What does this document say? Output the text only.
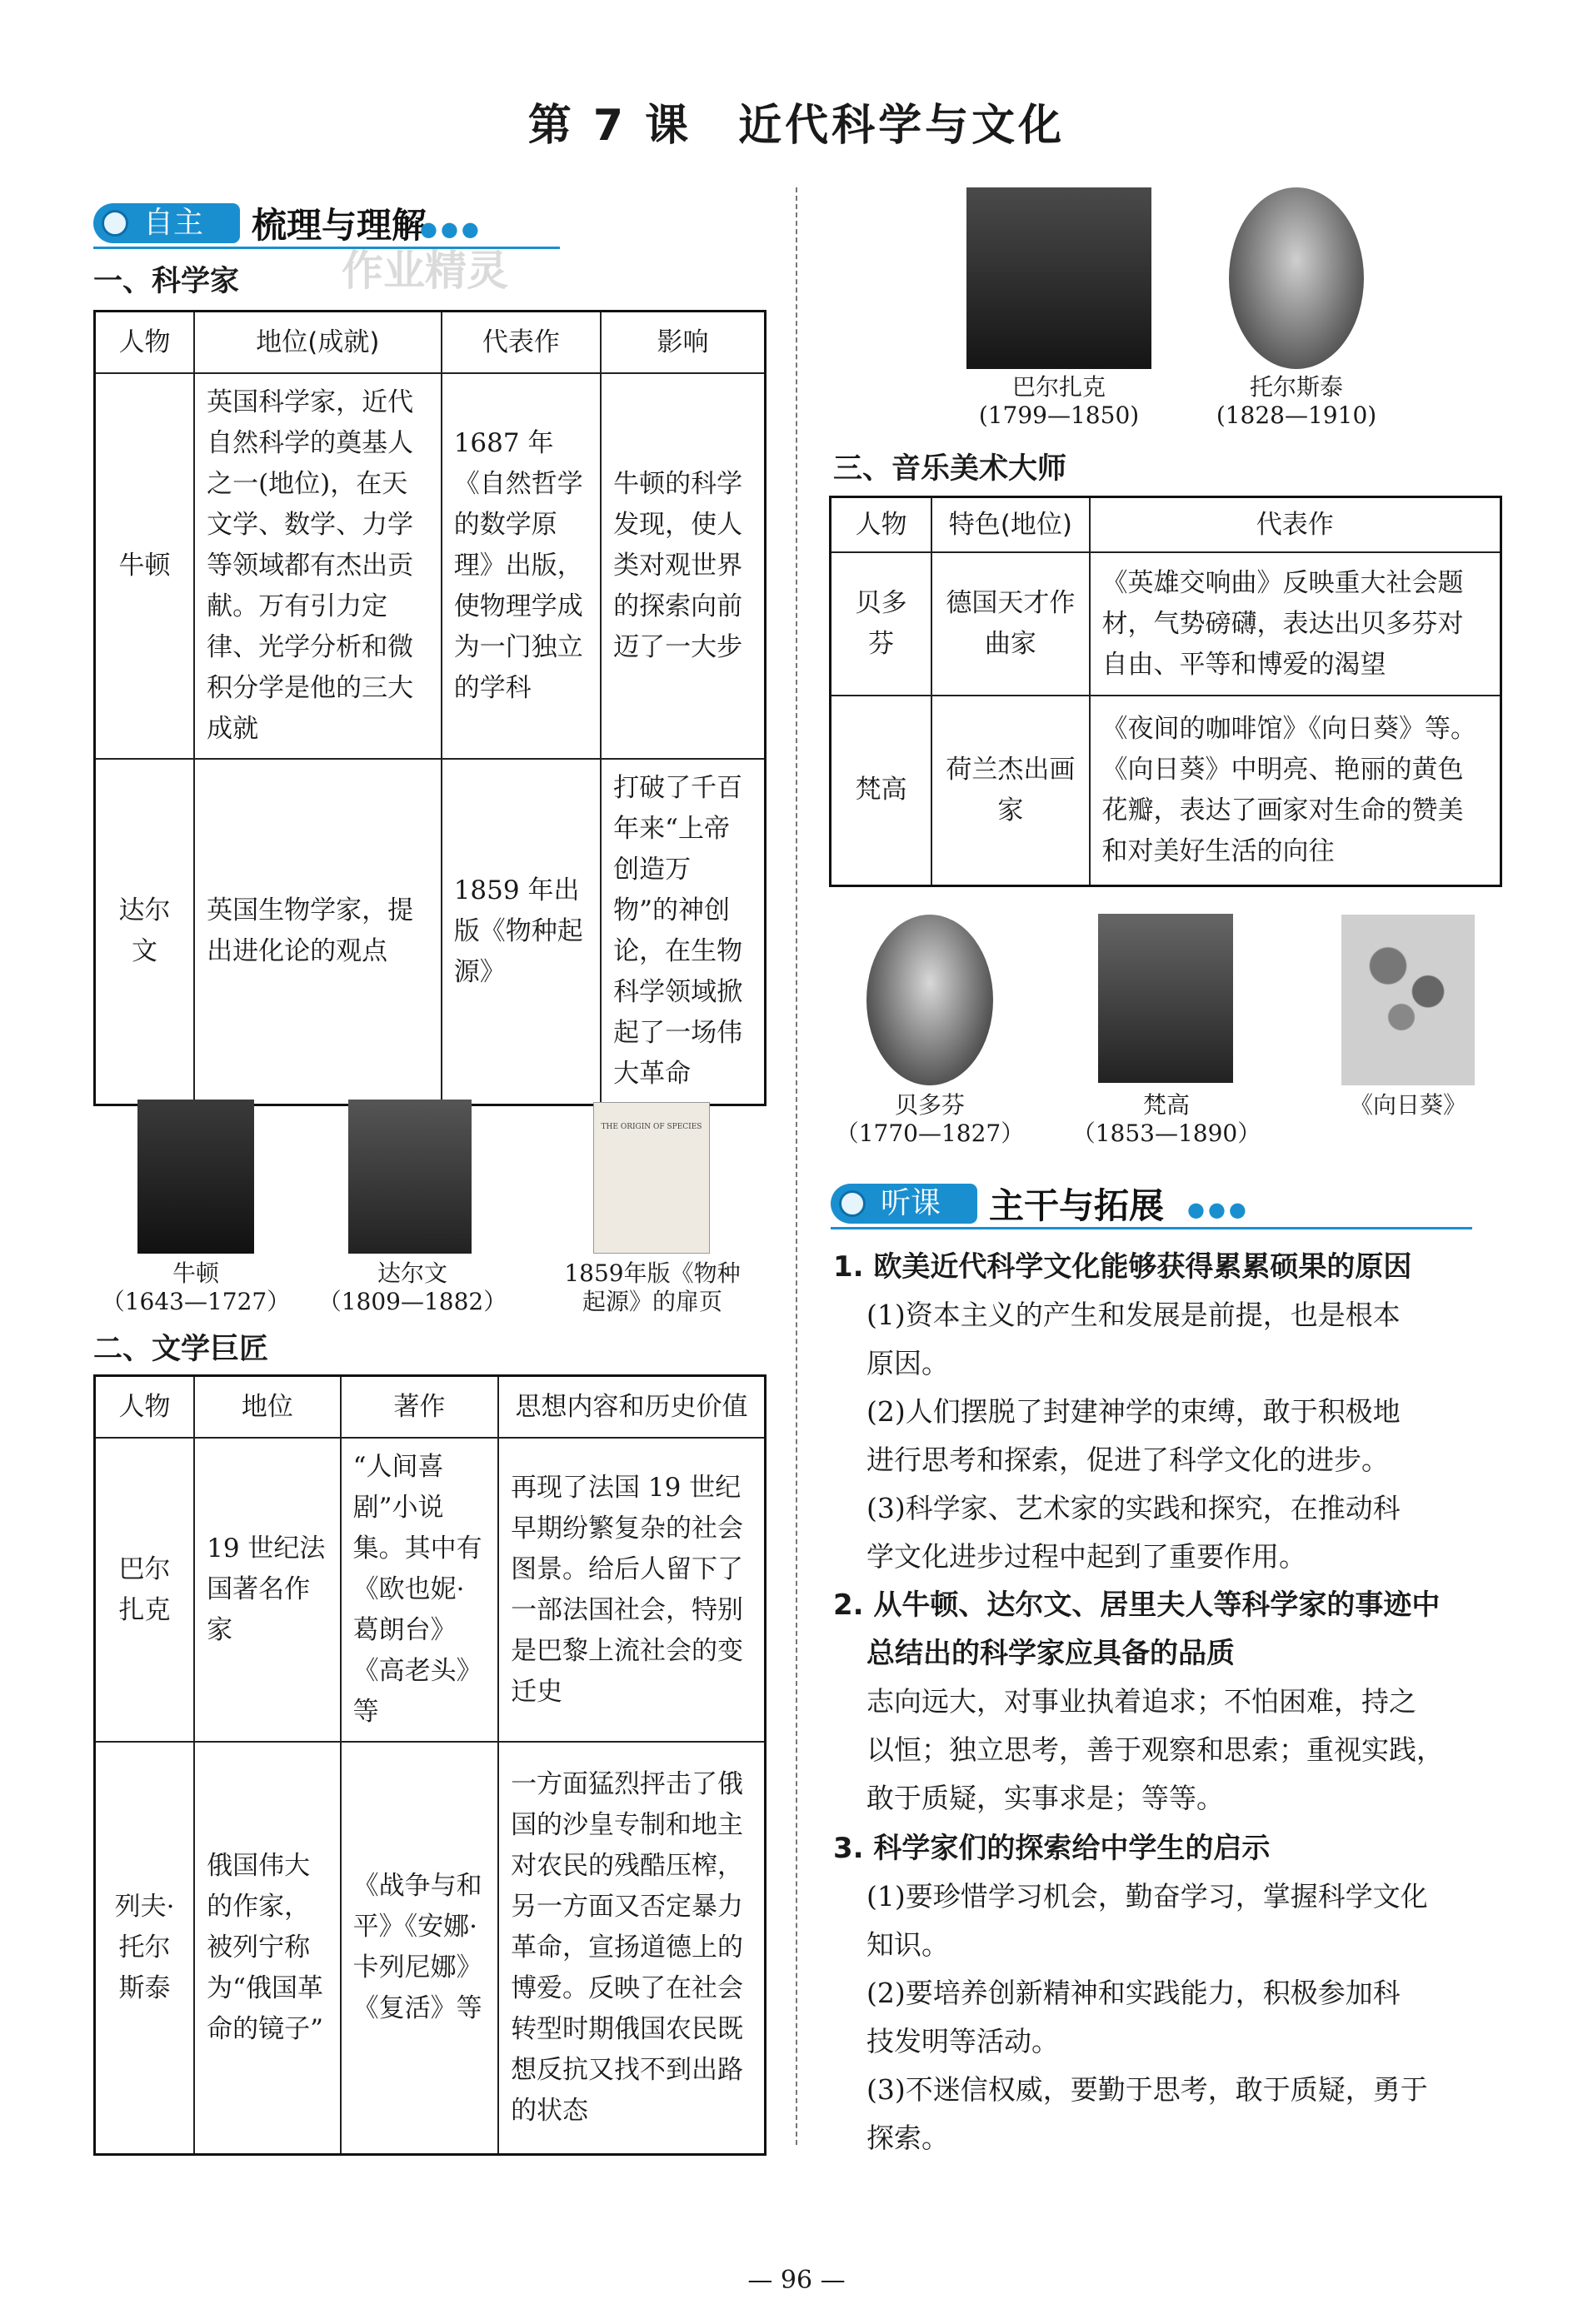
第 7 课　近代科学与文化
自主	梳理与理解
●●●
作业精灵
一、科学家
人物	地位(成就)	代表作	影响
牛顿	英国科学家，近代自然科学的奠基人之一(地位)，在天文学、数学、力学等领域都有杰出贡献。万有引力定律、光学分析和微积分学是他的三大成就	1687 年《自然哲学的数学原理》出版，使物理学成为一门独立的学科	牛顿的科学发现，使人类对观世界的探索向前迈了一大步
达尔文	英国生物学家，提出进化论的观点	1859 年出版《物种起源》	打破了千百年来“上帝创造万物”的神创论，在生物科学领域掀起了一场伟大革命
牛顿
（1643—1727）
达尔文
（1809—1882）
THE ORIGIN OF SPECIES
1859年版《物种起源》的扉页
二、文学巨匠
人物	地位	著作	思想内容和历史价值
巴尔扎克	19 世纪法国著名作家	“人间喜剧”小说集。其中有《欧也妮·葛朗台》《高老头》等	再现了法国 19 世纪早期纷繁复杂的社会图景。给后人留下了一部法国社会，特别是巴黎上流社会的变迁史
列夫·托尔斯泰	俄国伟大的作家，被列宁称为“俄国革命的镜子”	《战争与和平》《安娜·卡列尼娜》《复活》等	一方面猛烈抨击了俄国的沙皇专制和地主对农民的残酷压榨，另一方面又否定暴力革命，宣扬道德上的博爱。反映了在社会转型时期俄国农民既想反抗又找不到出路的状态
巴尔扎克
(1799—1850)
托尔斯泰
(1828—1910)
三、音乐美术大师
人物	特色(地位)	代表作
贝多芬	德国天才作曲家	《英雄交响曲》反映重大社会题材，气势磅礴，表达出贝多芬对自由、平等和博爱的渴望
梵高	荷兰杰出画家	《夜间的咖啡馆》《向日葵》等。《向日葵》中明亮、艳丽的黄色花瓣，表达了画家对生命的赞美和对美好生活的向往
贝多芬
（1770—1827）
梵高
（1853—1890）
《向日葵》
听课	主干与拓展 ●●●
1. 欧美近代科学文化能够获得累累硕果的原因
(1)资本主义的产生和发展是前提，也是根本
原因。
(2)人们摆脱了封建神学的束缚，敢于积极地
进行思考和探索，促进了科学文化的进步。
(3)科学家、艺术家的实践和探究，在推动科
学文化进步过程中起到了重要作用。
2. 从牛顿、达尔文、居里夫人等科学家的事迹中
总结出的科学家应具备的品质
志向远大，对事业执着追求；不怕困难，持之
以恒；独立思考，善于观察和思索；重视实践，
敢于质疑，实事求是；等等。
3. 科学家们的探索给中学生的启示
(1)要珍惜学习机会，勤奋学习，掌握科学文化
知识。
(2)要培养创新精神和实践能力，积极参加科
技发明等活动。
(3)不迷信权威，要勤于思考，敢于质疑，勇于
探索。
— 96 —
